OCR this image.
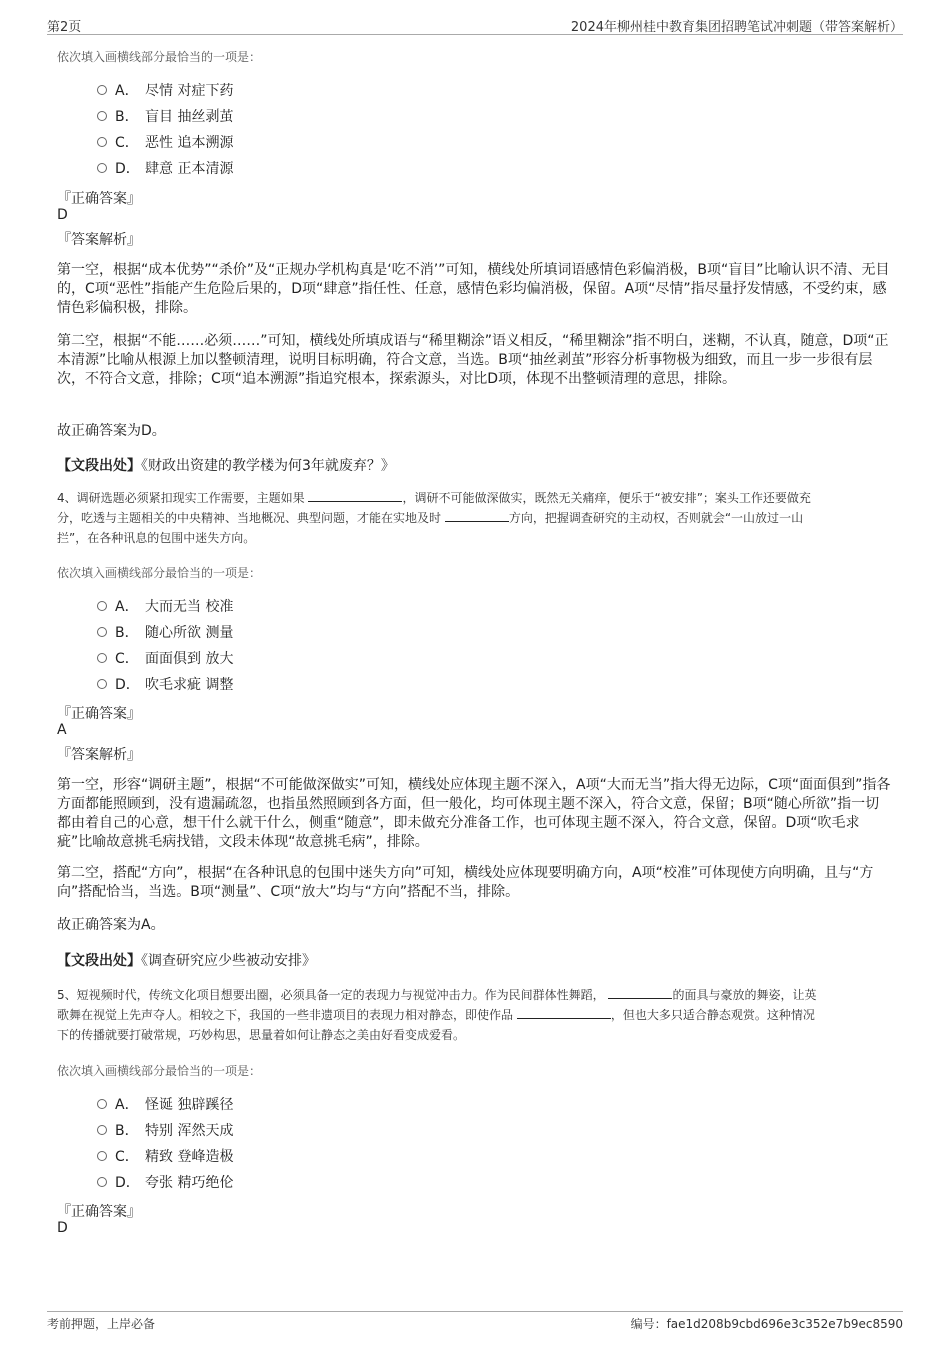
第2页	2024年柳州桂中教育集团招聘笔试冲刺题（带答案解析）
依次填入画横线部分最恰当的一项是：
A． 尽情 对症下药
B． 盲目 抽丝剥茧
C． 恶性 追本溯源
D． 肆意 正本清源
『正确答案』
D
『答案解析』
第一空，根据“成本优势”“杀价”及“正规办学机构真是‘吃不消’”可知，横线处所填词语感情色彩偏消极，B项“盲目”比喻认识不清、无目的，C项“恶性”指能产生危险后果的，D项“肆意”指任性、任意，感情色彩均偏消极，保留。A项“尽情”指尽量抒发情感，不受约束，感情色彩偏积极，排除。
第二空，根据“不能……必须……”可知，横线处所填成语与“稀里糊涂”语义相反，“稀里糊涂”指不明白，迷糊，不认真，随意，D项“正本清源”比喻从根源上加以整顿清理，说明目标明确，符合文意，当选。B项“抽丝剥茧”形容分析事物极为细致，而且一步一步很有层次，不符合文意，排除；C项“追本溯源”指追究根本，探索源头，对比D项，体现不出整顿清理的意思，排除。
故正确答案为D。
【文段出处】《财政出资建的教学楼为何3年就废弃？》
4、调研选题必须紧扣现实工作需要，主题如果	，调研不可能做深做实，既然无关痛痒，便乐于“被安排”；案头工作还要做充
分，吃透与主题相关的中央精神、当地概况、典型问题，才能在实地及时	方向，把握调查研究的主动权，否则就会“一山放过一山
拦”，在各种讯息的包围中迷失方向。
依次填入画横线部分最恰当的一项是：
A． 大而无当 校准
B． 随心所欲 测量
C． 面面俱到 放大
D． 吹毛求疵 调整
『正确答案』
A
『答案解析』
第一空，形容“调研主题”，根据“不可能做深做实”可知，横线处应体现主题不深入，A项“大而无当”指大得无边际，C项“面面俱到”指各方面都能照顾到，没有遗漏疏忽，也指虽然照顾到各方面，但一般化，均可体现主题不深入，符合文意，保留；B项“随心所欲”指一切都由着自己的心意，想干什么就干什么，侧重“随意”，即未做充分准备工作，也可体现主题不深入，符合文意，保留。D项“吹毛求疵”比喻故意挑毛病找错，文段未体现“故意挑毛病”，排除。
第二空，搭配“方向”，根据“在各种讯息的包围中迷失方向”可知，横线处应体现要明确方向，A项“校准”可体现使方向明确，且与“方向”搭配恰当，当选。B项“测量”、C项“放大”均与“方向”搭配不当，排除。
故正确答案为A。
【文段出处】《调查研究应少些被动安排》
5、短视频时代，传统文化项目想要出圈，必须具备一定的表现力与视觉冲击力。作为民间群体性舞蹈，	的面具与豪放的舞姿，让英
歌舞在视觉上先声夺人。相较之下，我国的一些非遗项目的表现力相对静态，即使作品	，但也大多只适合静态观赏。这种情况
下的传播就要打破常规，巧妙构思，思量着如何让静态之美由好看变成爱看。
依次填入画横线部分最恰当的一项是：
A． 怪诞 独辟蹊径
B． 特别 浑然天成
C． 精致 登峰造极
D． 夸张 精巧绝伦
『正确答案』
D
考前押题，上岸必备	编号：fae1d208b9cbd696e3c352e7b9ec8590
